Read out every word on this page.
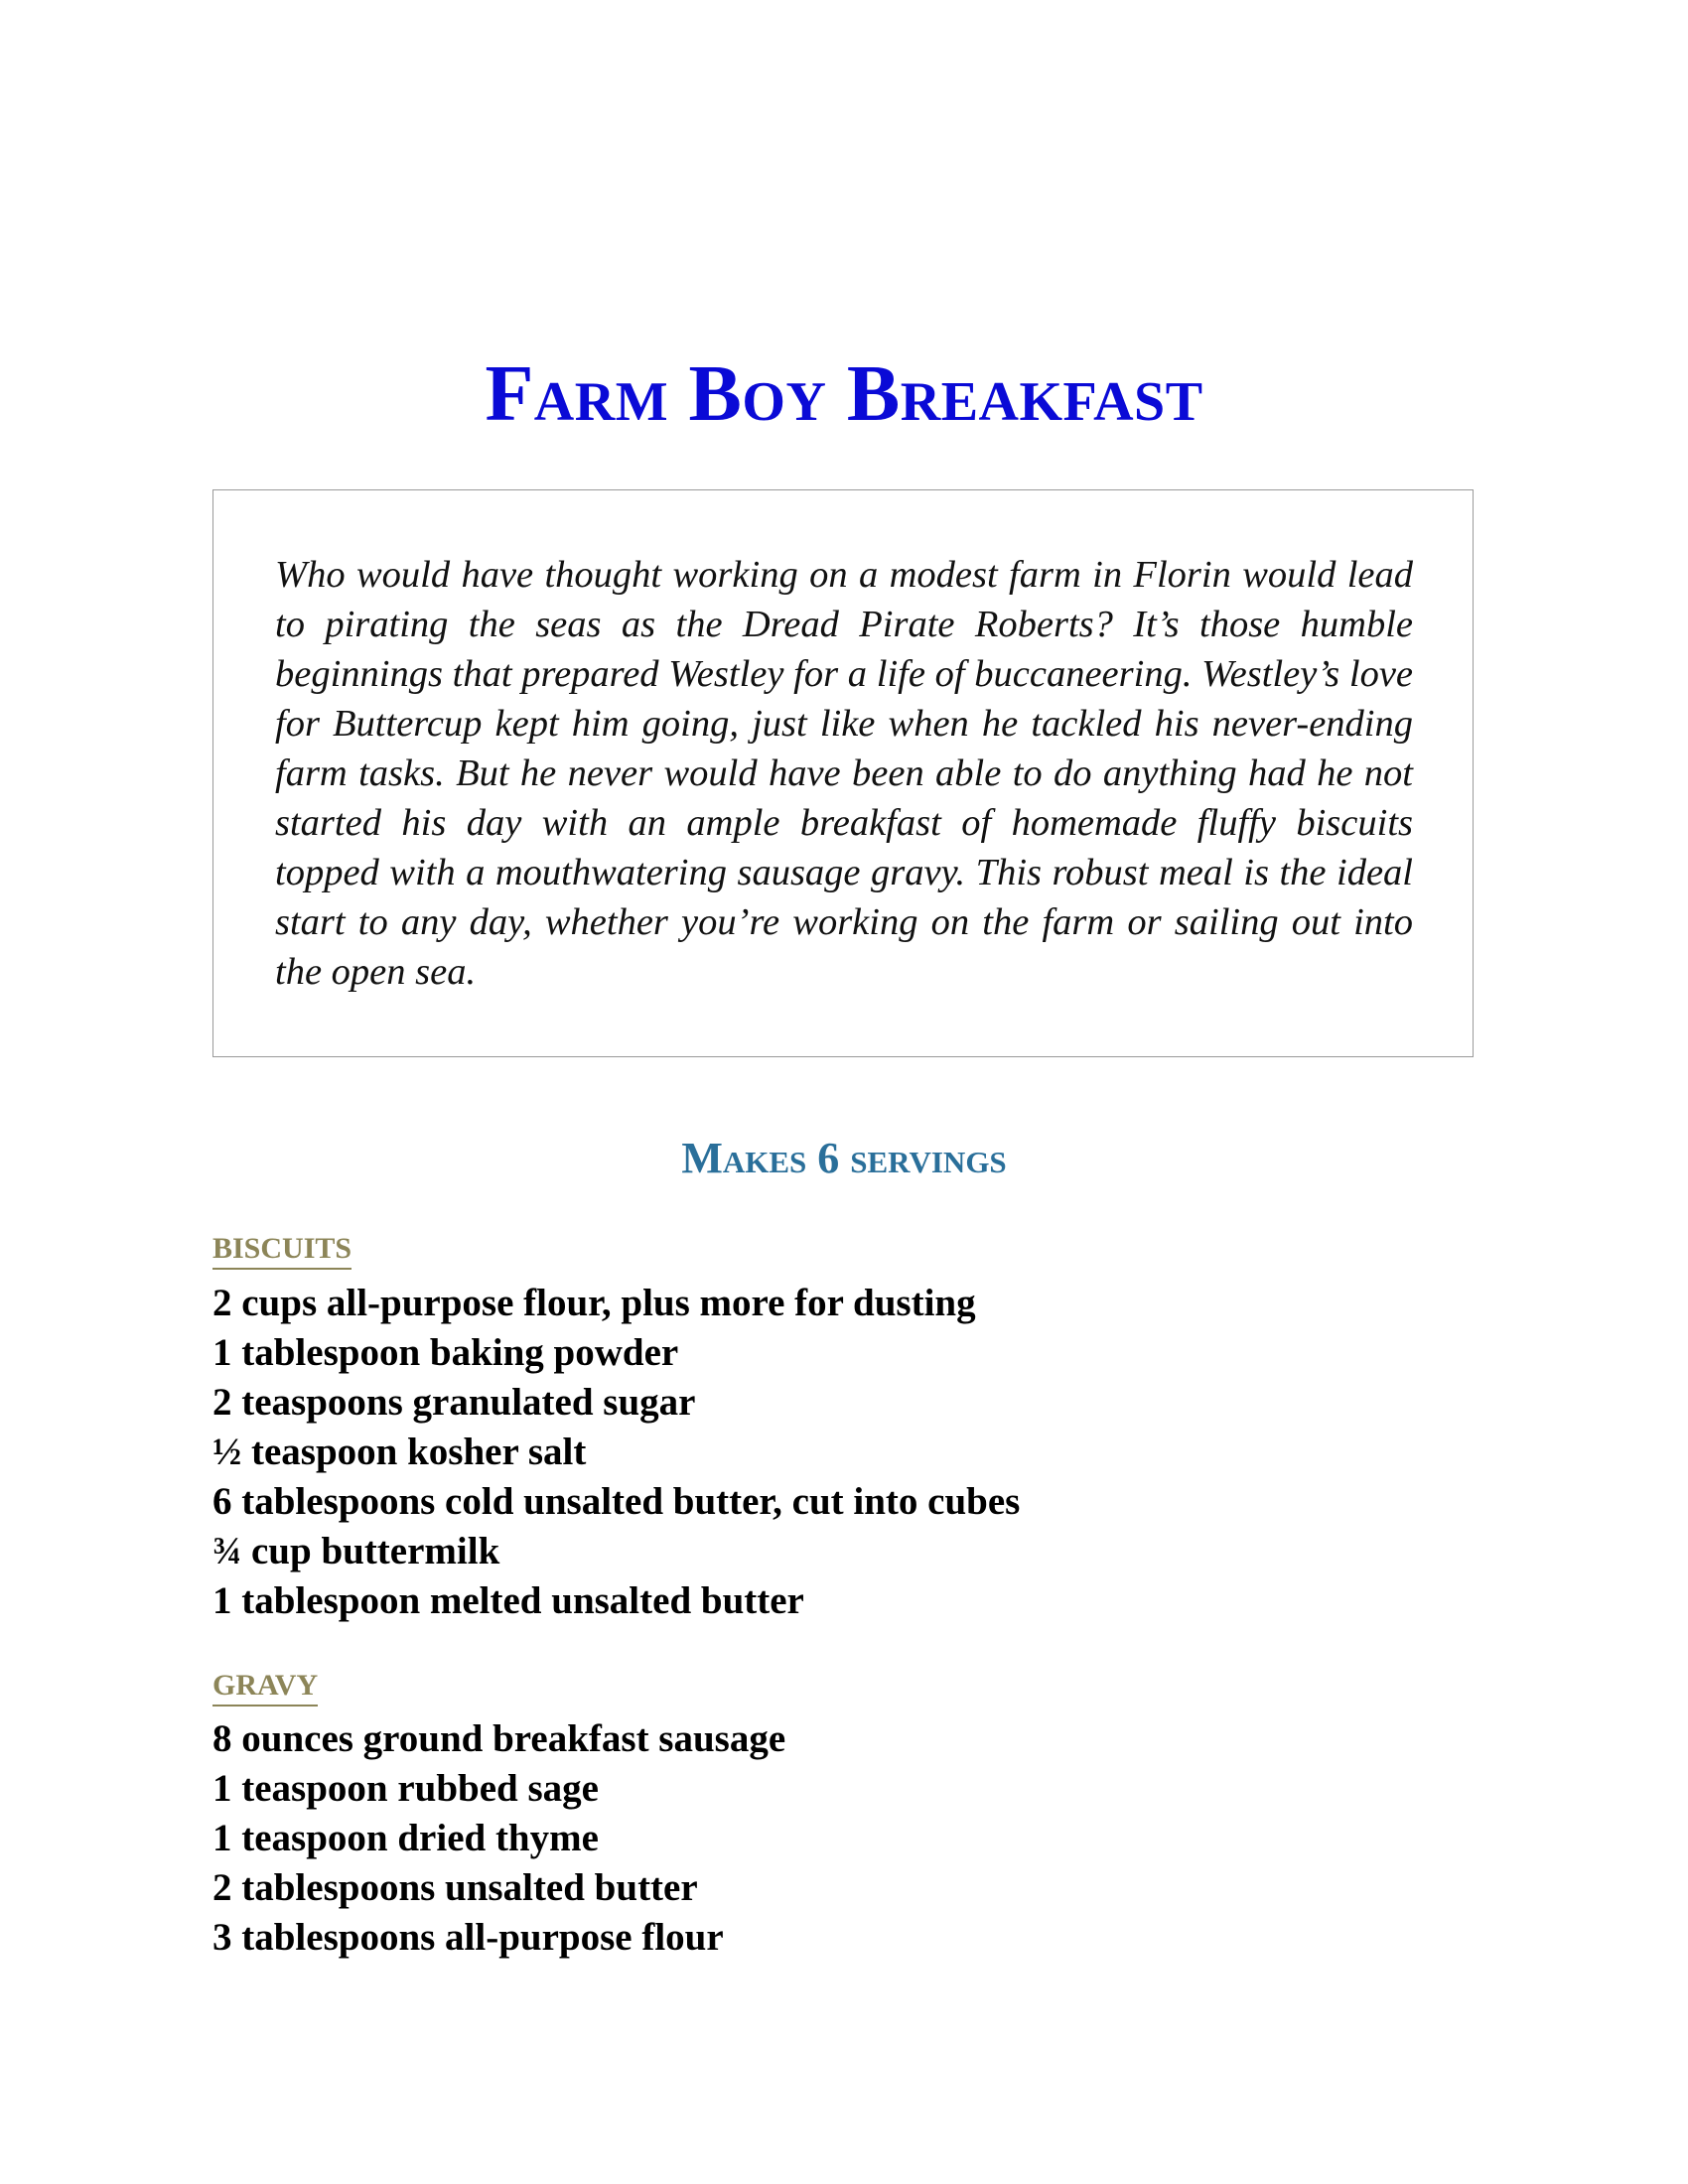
Farm Boy Breakfast

Who would have thought working on a modest farm in Florin would lead to pirating the seas as the Dread Pirate Roberts? It’s those humble beginnings that prepared Westley for a life of buccaneering. Westley’s love for Buttercup kept him going, just like when he tackled his never-ending farm tasks. But he never would have been able to do anything had he not started his day with an ample breakfast of homemade fluffy biscuits topped with a mouthwatering sausage gravy. This robust meal is the ideal start to any day, whether you’re working on the farm or sailing out into the open sea.

Makes 6 servings
BISCUITS
2 cups all-purpose flour, plus more for dusting
1 tablespoon baking powder
2 teaspoons granulated sugar
½ teaspoon kosher salt
6 tablespoons cold unsalted butter, cut into cubes
¾ cup buttermilk
1 tablespoon melted unsalted butter
GRAVY
8 ounces ground breakfast sausage
1 teaspoon rubbed sage
1 teaspoon dried thyme
2 tablespoons unsalted butter
3 tablespoons all-purpose flour
